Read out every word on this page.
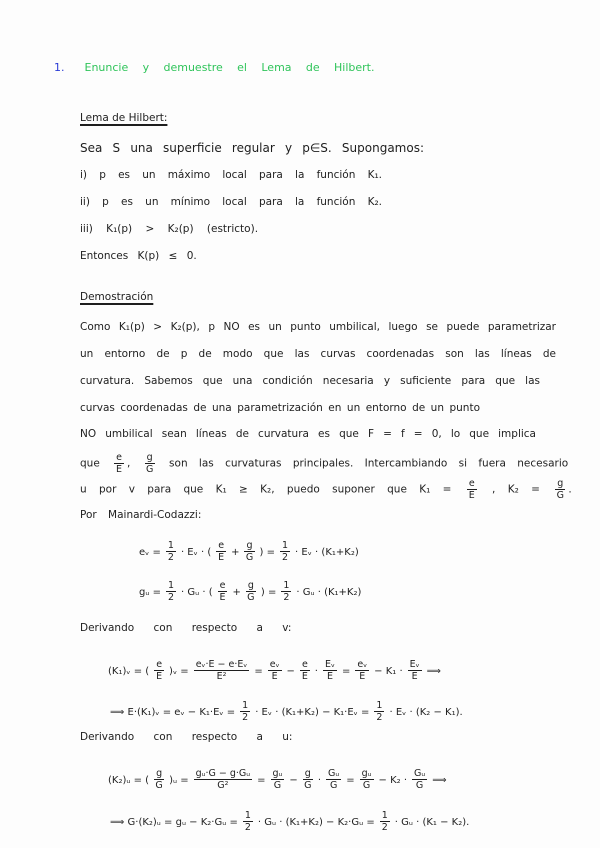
1. Enuncie y demuestre el Lema de Hilbert.
Lema de Hilbert:
Sea S una superficie regular y p∈S. Supongamos:
i) p es un máximo local para la función K₁.
ii) p es un mínimo local para la función K₂.
iii) K₁(p) > K₂(p) (estricto).
Entonces K(p) ≤ 0.
Demostración
Como K₁(p) > K₂(p), p NO es un punto umbilical, luego se puede parametrizar
un entorno de p de modo que las curvas coordenadas son las líneas de
curvatura. Sabemos que una condición necesaria y suficiente para que las
curvas coordenadas de una parametrización en un entorno de un punto
NO umbilical sean líneas de curvatura es que F = f = 0, lo que implica
que $\frac{e}{E}$ , $\frac{g}{G}$ son las curvaturas principales. Intercambiando si fuera necesario
u por v para que K₁ ≥ K₂, puedo suponer que $K_1 = \frac{e}{E}$ , $K_2 = \frac{g}{G}$ .
Por Mainardi-Codazzi:
eᵥ = $\frac{1}{2}$ · Eᵥ · ( $\frac{e}{E} + \frac{g}{G}$ ) = $\frac{1}{2}$ · Eᵥ · (K₁+K₂)
gᵤ = $\frac{1}{2}$ · Gᵤ · ( $\frac{e}{E} + \frac{g}{G}$ ) = $\frac{1}{2}$ · Gᵤ · (K₁+K₂)
Derivando con respecto a v:
(K₁)ᵥ = ( $\frac{e}{E}$ )ᵥ = $\frac{\text{eᵥ·E − e·Eᵥ}}{\text{E²}} = \frac{\text{eᵥ}}{E} - \frac{e}{E} \cdot \frac{\text{Eᵥ}}{E} = \frac{\text{eᵥ}}{E} - K_1 \cdot \frac{\text{Eᵥ}}{E}$ ⟹
⟹ E·(K₁)ᵥ = eᵥ − K₁·Eᵥ = $\frac{1}{2}$ · Eᵥ · (K₁+K₂) − K₁·Eᵥ = $\frac{1}{2}$ · Eᵥ · (K₂ − K₁).
Derivando con respecto a u:
(K₂)ᵤ = ( $\frac{g}{G}$ )ᵤ = $\frac{\text{gᵤ·G − g·Gᵤ}}{\text{G²}} = \frac{\text{gᵤ}}{G} - \frac{g}{G} \cdot \frac{\text{Gᵤ}}{G} = \frac{\text{gᵤ}}{G} - K_2 \cdot \frac{\text{Gᵤ}}{G}$ ⟹
⟹ G·(K₂)ᵤ = gᵤ − K₂·Gᵤ = $\frac{1}{2}$ · Gᵤ · (K₁+K₂) − K₂·Gᵤ = $\frac{1}{2}$ · Gᵤ · (K₁ − K₂).
